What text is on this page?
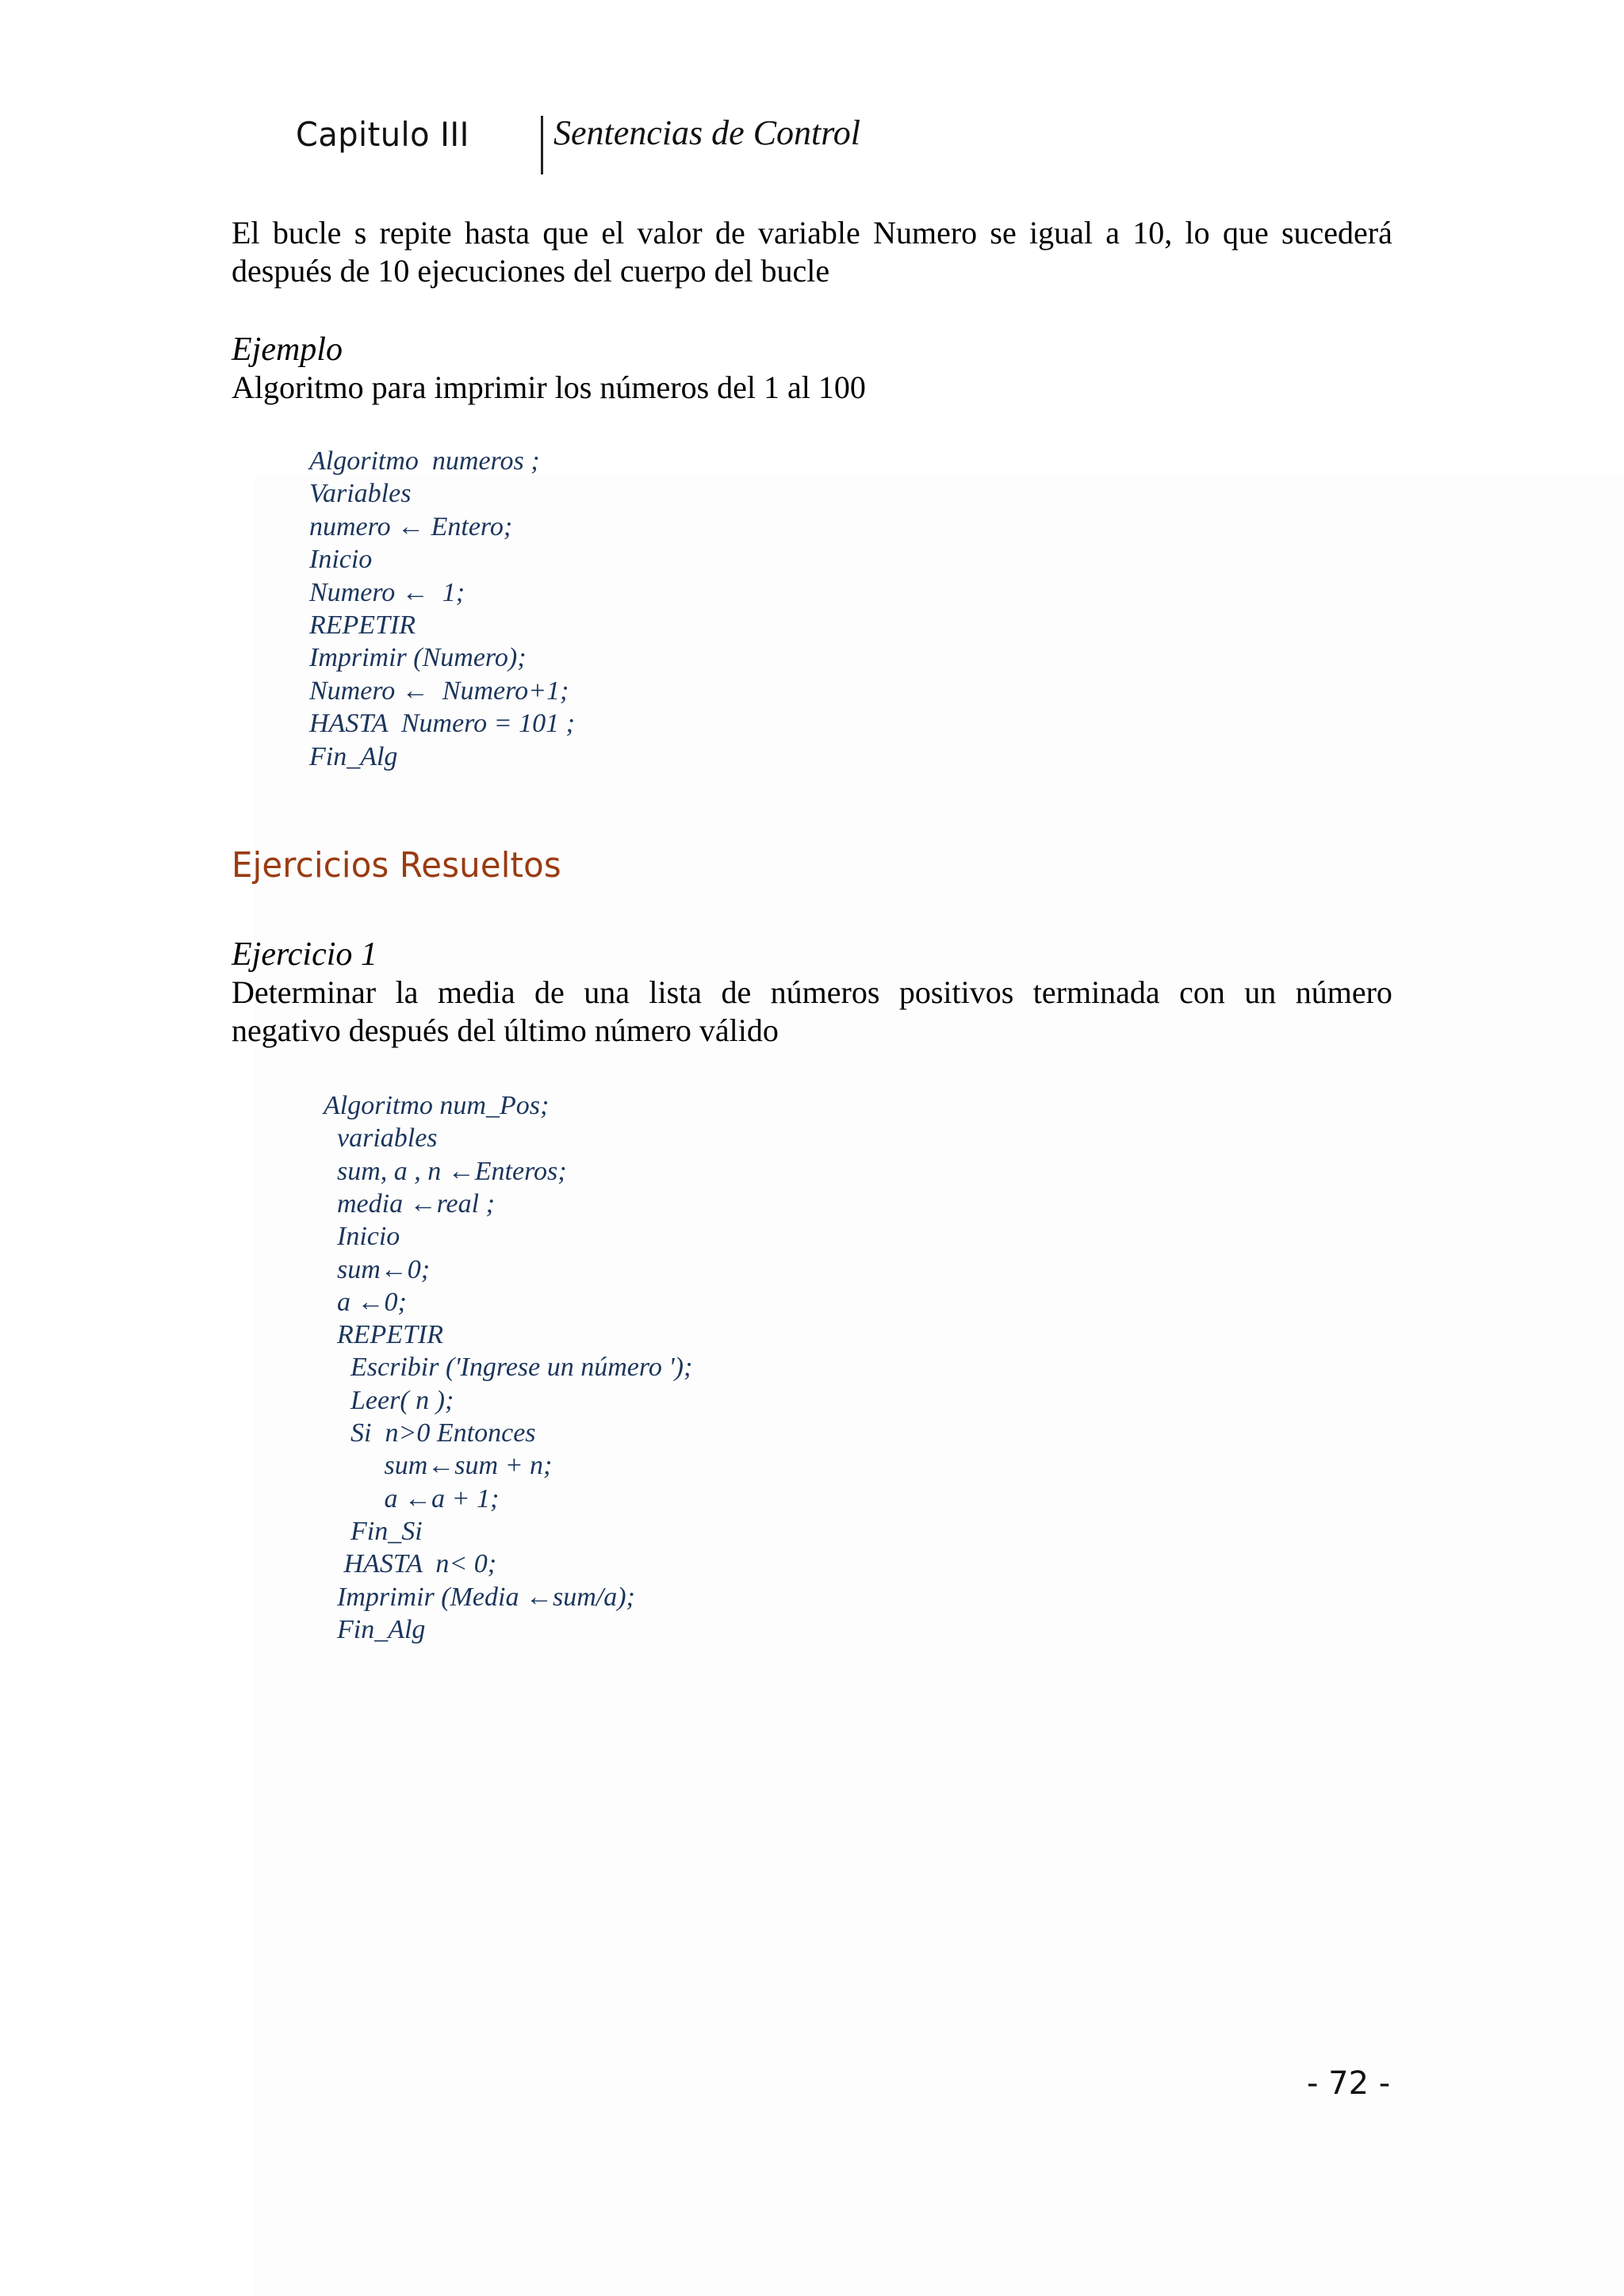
Capitulo III Sentencias de Control
El bucle s repite hasta que el valor de variable Numero se igual a 10, lo que sucederá
después de 10 ejecuciones del cuerpo del bucle
Ejemplo
Algoritmo para imprimir los números del 1 al 100
Algoritmo  numeros ;
Variables
numero ← Entero;
Inicio
Numero ←  1;
REPETIR
Imprimir (Numero);
Numero ←  Numero+1;
HASTA  Numero = 101 ;
Fin_Alg
Ejercicios Resueltos
Ejercicio 1
Determinar la media de una lista de números positivos terminada con un número
negativo después del último número válido
Algoritmo num_Pos;
variables
sum, a , n ←Enteros;
media ←real ;
Inicio
sum←0;
a ←0;
REPETIR
Escribir ('Ingrese un número ');
Leer( n );
Si  n>0 Entonces
sum←sum + n;
a ←a + 1;
Fin_Si
HASTA  n< 0;
Imprimir (Media ←sum/a);
Fin_Alg
- 72 -
